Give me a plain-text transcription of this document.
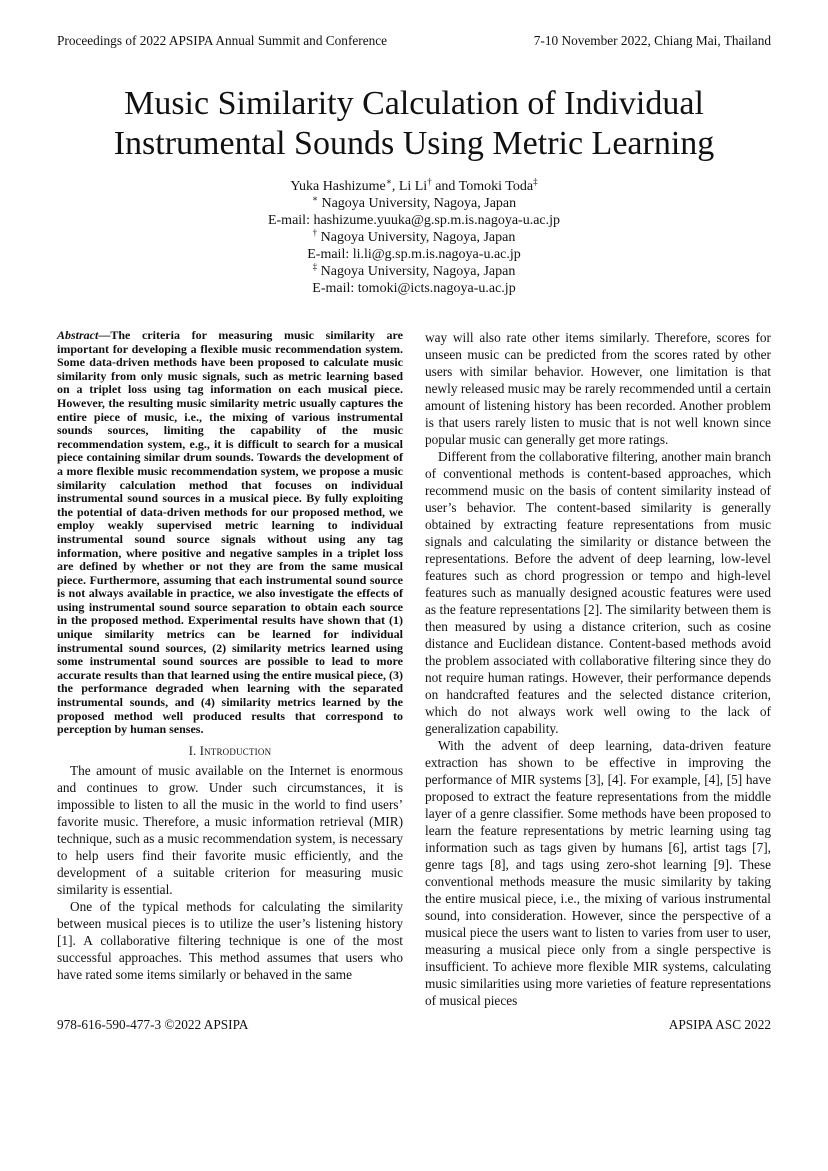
Proceedings of 2022 APSIPA Annual Summit and Conference	7-10 November 2022, Chiang Mai, Thailand
Music Similarity Calculation of Individual
Instrumental Sounds Using Metric Learning
Yuka Hashizume∗, Li Li† and Tomoki Toda‡
∗ Nagoya University, Nagoya, Japan
E-mail: hashizume.yuuka@g.sp.m.is.nagoya-u.ac.jp
† Nagoya University, Nagoya, Japan
E-mail: li.li@g.sp.m.is.nagoya-u.ac.jp
‡ Nagoya University, Nagoya, Japan
E-mail: tomoki@icts.nagoya-u.ac.jp

Abstract—The criteria for measuring music similarity are important for developing a flexible music recommendation system. Some data-driven methods have been proposed to calculate music similarity from only music signals, such as metric learning based on a triplet loss using tag information on each musical piece. However, the resulting music similarity metric usually captures the entire piece of music, i.e., the mixing of various instrumental sounds sources, limiting the capability of the music recommendation system, e.g., it is difficult to search for a musical piece containing similar drum sounds. Towards the development of a more flexible music recommendation system, we propose a music similarity calculation method that focuses on individual instrumental sound sources in a musical piece. By fully exploiting the potential of data-driven methods for our proposed method, we employ weakly supervised metric learning to individual instrumental sound source signals without using any tag information, where positive and negative samples in a triplet loss are defined by whether or not they are from the same musical piece. Furthermore, assuming that each instrumental sound source is not always available in practice, we also investigate the effects of using instrumental sound source separation to obtain each source in the proposed method. Experimental results have shown that (1) unique similarity metrics can be learned for individual instrumental sound sources, (2) similarity metrics learned using some instrumental sound sources are possible to lead to more accurate results than that learned using the entire musical piece, (3) the performance degraded when learning with the separated instrumental sounds, and (4) similarity metrics learned by the proposed method well produced results that correspond to perception by human senses.

I. Introduction

The amount of music available on the Internet is enormous and continues to grow. Under such circumstances, it is impossible to listen to all the music in the world to find users’ favorite music. Therefore, a music information retrieval (MIR) technique, such as a music recommendation system, is necessary to help users find their favorite music efficiently, and the development of a suitable criterion for measuring music similarity is essential.

One of the typical methods for calculating the similarity between musical pieces is to utilize the user’s listening history [1]. A collaborative filtering technique is one of the most successful approaches. This method assumes that users who have rated some items similarly or behaved in the same

way will also rate other items similarly. Therefore, scores for unseen music can be predicted from the scores rated by other users with similar behavior. However, one limitation is that newly released music may be rarely recommended until a certain amount of listening history has been recorded. Another problem is that users rarely listen to music that is not well known since popular music can generally get more ratings.

Different from the collaborative filtering, another main branch of conventional methods is content-based approaches, which recommend music on the basis of content similarity instead of user’s behavior. The content-based similarity is generally obtained by extracting feature representations from music signals and calculating the similarity or distance between the representations. Before the advent of deep learning, low-level features such as chord progression or tempo and high-level features such as manually designed acoustic features were used as the feature representations [2]. The similarity between them is then measured by using a distance criterion, such as cosine distance and Euclidean distance. Content-based methods avoid the problem associated with collaborative filtering since they do not require human ratings. However, their performance depends on handcrafted features and the selected distance criterion, which do not always work well owing to the lack of generalization capability.

With the advent of deep learning, data-driven feature extraction has shown to be effective in improving the performance of MIR systems [3], [4]. For example, [4], [5] have proposed to extract the feature representations from the middle layer of a genre classifier. Some methods have been proposed to learn the feature representations by metric learning using tag information such as tags given by humans [6], artist tags [7], genre tags [8], and tags using zero-shot learning [9]. These conventional methods measure the music similarity by taking the entire musical piece, i.e., the mixing of various instrumental sound, into consideration. However, since the perspective of a musical piece the users want to listen to varies from user to user, measuring a musical piece only from a single perspective is insufficient. To achieve more flexible MIR systems, calculating music similarities using more varieties of feature representations of musical pieces

978-616-590-477-3 ©2022 APSIPA	APSIPA ASC 2022
